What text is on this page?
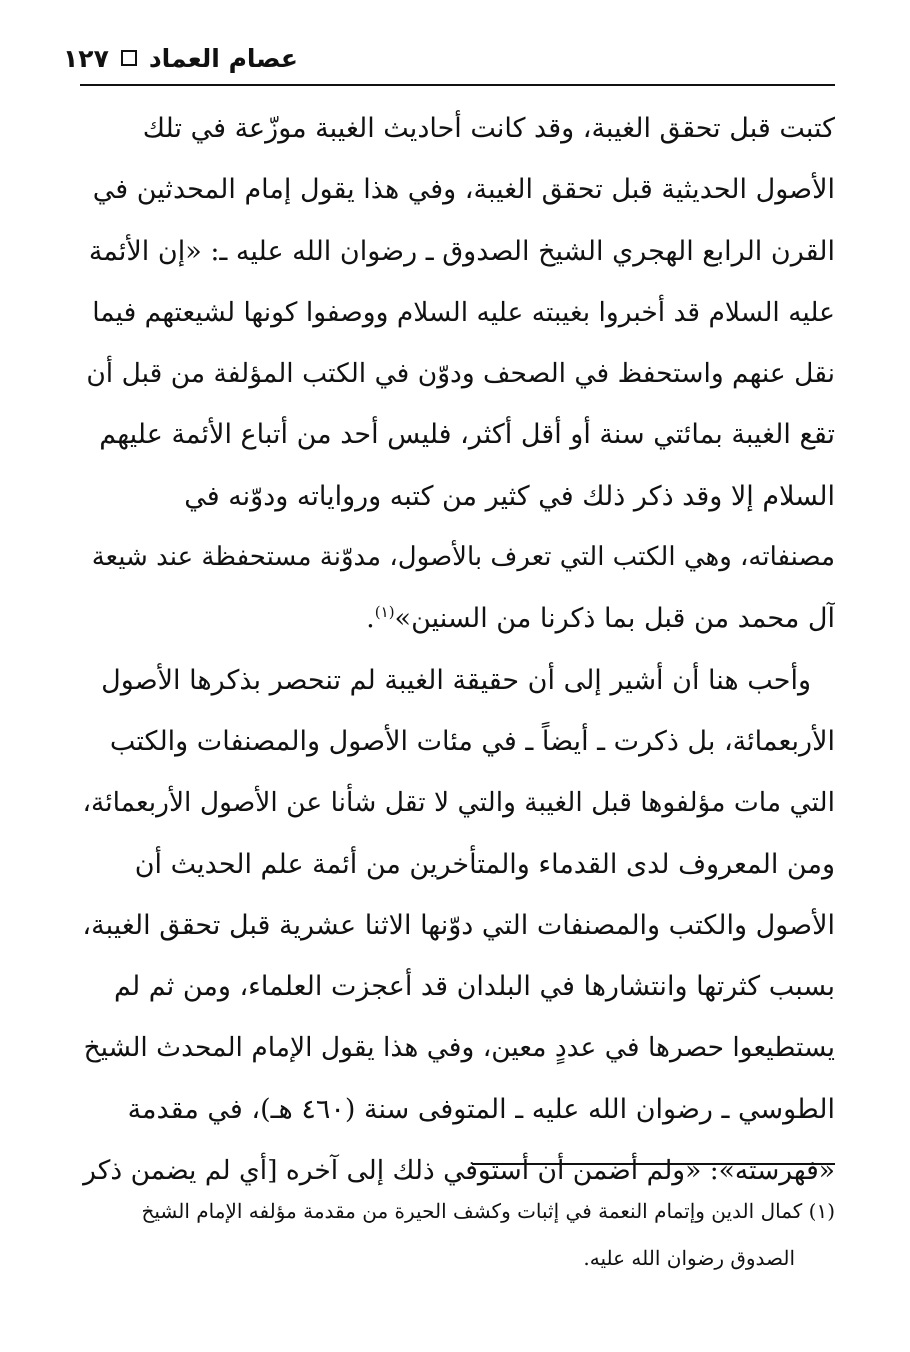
عصام العماد
١٢٧
كتبت قبل تحقق الغيبة، وقد كانت أحاديث الغيبة موزّعة في تلك
الأصول الحديثية قبل تحقق الغيبة، وفي هذا يقول إمام المحدثين في
القرن الرابع الهجري الشيخ الصدوق ـ رضوان الله عليه ـ: «إن الأئمة
عليه السلام قد أخبروا بغيبته عليه السلام ووصفوا كونها لشيعتهم فيما
نقل عنهم واستحفظ في الصحف ودوّن في الكتب المؤلفة من قبل أن
تقع الغيبة بمائتي سنة أو أقل أكثر، فليس أحد من أتباع الأئمة عليهم
السلام إلا وقد ذكر ذلك في كثير من كتبه ورواياته ودوّنه في
مصنفاته، وهي الكتب التي تعرف بالأصول، مدوّنة مستحفظة عند شيعة
آل محمد من قبل بما ذكرنا من السنين»$^{(١)}$.
وأحب هنا أن أشير إلى أن حقيقة الغيبة لم تنحصر بذكرها الأصول
الأربعمائة، بل ذكرت ـ أيضاً ـ في مئات الأصول والمصنفات والكتب
التي مات مؤلفوها قبل الغيبة والتي لا تقل شأنا عن الأصول الأربعمائة،
ومن المعروف لدى القدماء والمتأخرين من أئمة علم الحديث أن
الأصول والكتب والمصنفات التي دوّنها الاثنا عشرية قبل تحقق الغيبة،
بسبب كثرتها وانتشارها في البلدان قد أعجزت العلماء، ومن ثم لم
يستطيعوا حصرها في عددٍ معين، وفي هذا يقول الإمام المحدث الشيخ
الطوسي ـ رضوان الله عليه ـ المتوفى سنة (٤٦٠ هـ)، في مقدمة
«فهرسته»: «ولم أضمن أن أستوفي ذلك إلى آخره [أي لم يضمن ذكر
(١) كمال الدين وإتمام النعمة في إثبات وكشف الحيرة من مقدمة مؤلفه الإمام الشيخ
الصدوق رضوان الله عليه.
